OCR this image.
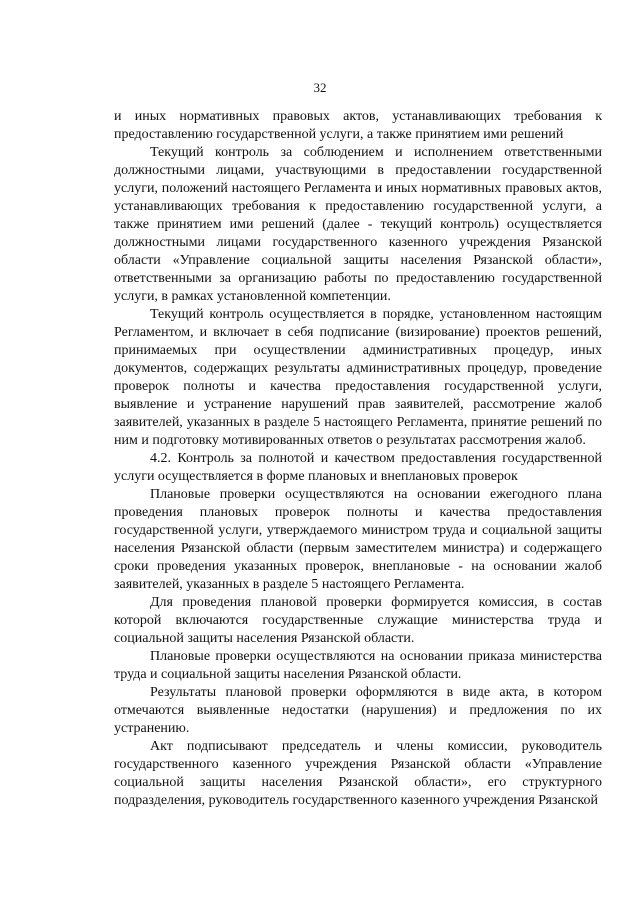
32

и иных нормативных правовых актов, устанавливающих требования к предоставлению государственной услуги, а также принятием ими решений

Текущий контроль за соблюдением и исполнением ответственными должностными лицами, участвующими в предоставлении государственной услуги, положений настоящего Регламента и иных нормативных правовых актов, устанавливающих требования к предоставлению государственной услуги, а также принятием ими решений (далее - текущий контроль) осуществляется должностными лицами государственного казенного учреждения Рязанской области «Управление социальной защиты населения Рязанской области», ответственными за организацию работы по предоставлению государственной услуги, в рамках установленной компетенции.

Текущий контроль осуществляется в порядке, установленном настоящим Регламентом, и включает в себя подписание (визирование) проектов решений, принимаемых при осуществлении административных процедур, иных документов, содержащих результаты административных процедур, проведение проверок полноты и качества предоставления государственной услуги, выявление и устранение нарушений прав заявителей, рассмотрение жалоб заявителей, указанных в разделе 5 настоящего Регламента, принятие решений по ним и подготовку мотивированных ответов о результатах рассмотрения жалоб.

4.2. Контроль за полнотой и качеством предоставления государственной услуги осуществляется в форме плановых и внеплановых проверок

Плановые проверки осуществляются на основании ежегодного плана проведения плановых проверок полноты и качества предоставления государственной услуги, утверждаемого министром труда и социальной защиты населения Рязанской области (первым заместителем министра) и содержащего сроки проведения указанных проверок, внеплановые - на основании жалоб заявителей, указанных в разделе 5 настоящего Регламента.

Для проведения плановой проверки формируется комиссия, в состав которой включаются государственные служащие министерства труда и социальной защиты населения Рязанской области.

Плановые проверки осуществляются на основании приказа министерства труда и социальной защиты населения Рязанской области.

Результаты плановой проверки оформляются в виде акта, в котором отмечаются выявленные недостатки (нарушения) и предложения по их устранению.

Акт подписывают председатель и члены комиссии, руководитель государственного казенного учреждения Рязанской области «Управление социальной защиты населения Рязанской области», его структурного подразделения, руководитель государственного казенного учреждения Рязанской
